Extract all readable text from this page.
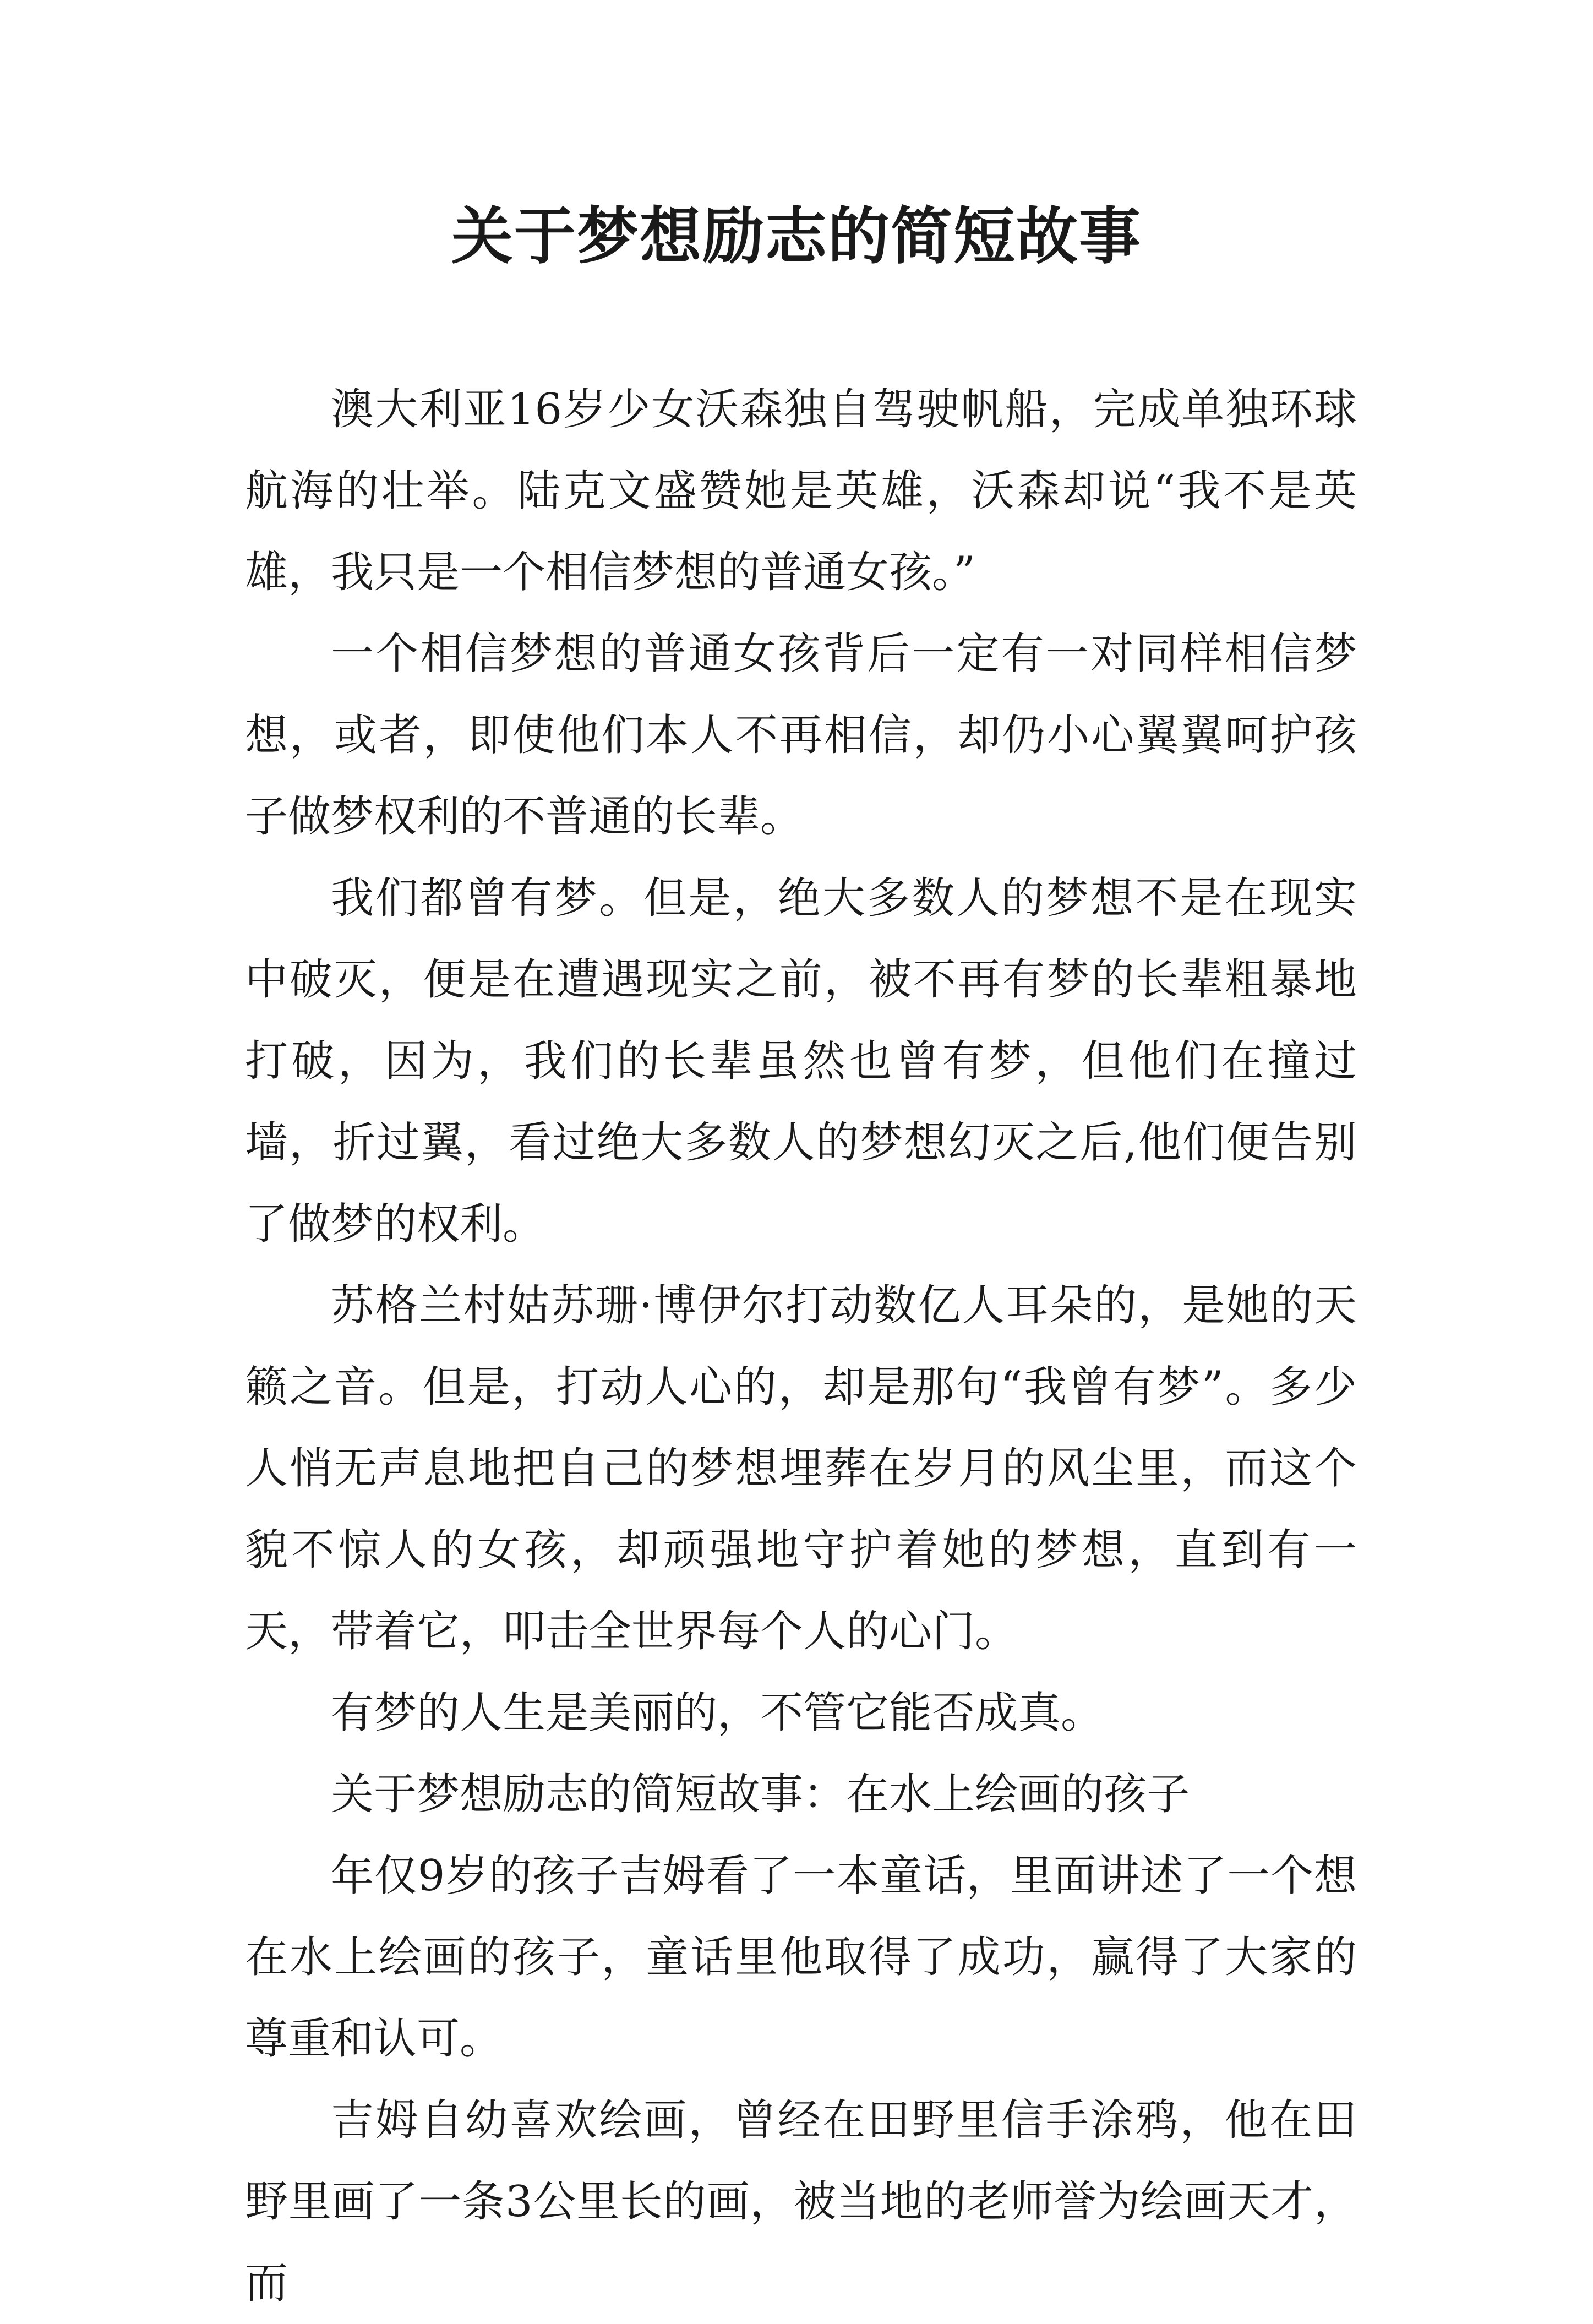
关于梦想励志的简短故事

澳大利亚16岁少女沃森独自驾驶帆船，完成单独环球航海的壮举。陆克文盛赞她是英雄，沃森却说“我不是英雄，我只是一个相信梦想的普通女孩。”

一个相信梦想的普通女孩背后一定有一对同样相信梦想，或者，即使他们本人不再相信，却仍小心翼翼呵护孩子做梦权利的不普通的长辈。

我们都曾有梦。但是，绝大多数人的梦想不是在现实中破灭，便是在遭遇现实之前，被不再有梦的长辈粗暴地打破，因为，我们的长辈虽然也曾有梦，但他们在撞过墙，折过翼，看过绝大多数人的梦想幻灭之后,他们便告别了做梦的权利。

苏格兰村姑苏珊·博伊尔打动数亿人耳朵的，是她的天籁之音。但是，打动人心的，却是那句“我曾有梦”。多少人悄无声息地把自己的梦想埋葬在岁月的风尘里，而这个貌不惊人的女孩，却顽强地守护着她的梦想，直到有一天，带着它，叩击全世界每个人的心门。

有梦的人生是美丽的，不管它能否成真。

关于梦想励志的简短故事：在水上绘画的孩子

年仅9岁的孩子吉姆看了一本童话，里面讲述了一个想在水上绘画的孩子，童话里他取得了成功，赢得了大家的尊重和认可。

吉姆自幼喜欢绘画，曾经在田野里信手涂鸦，他在田野里画了一条3公里长的画，被当地的老师誉为绘画天才，而
